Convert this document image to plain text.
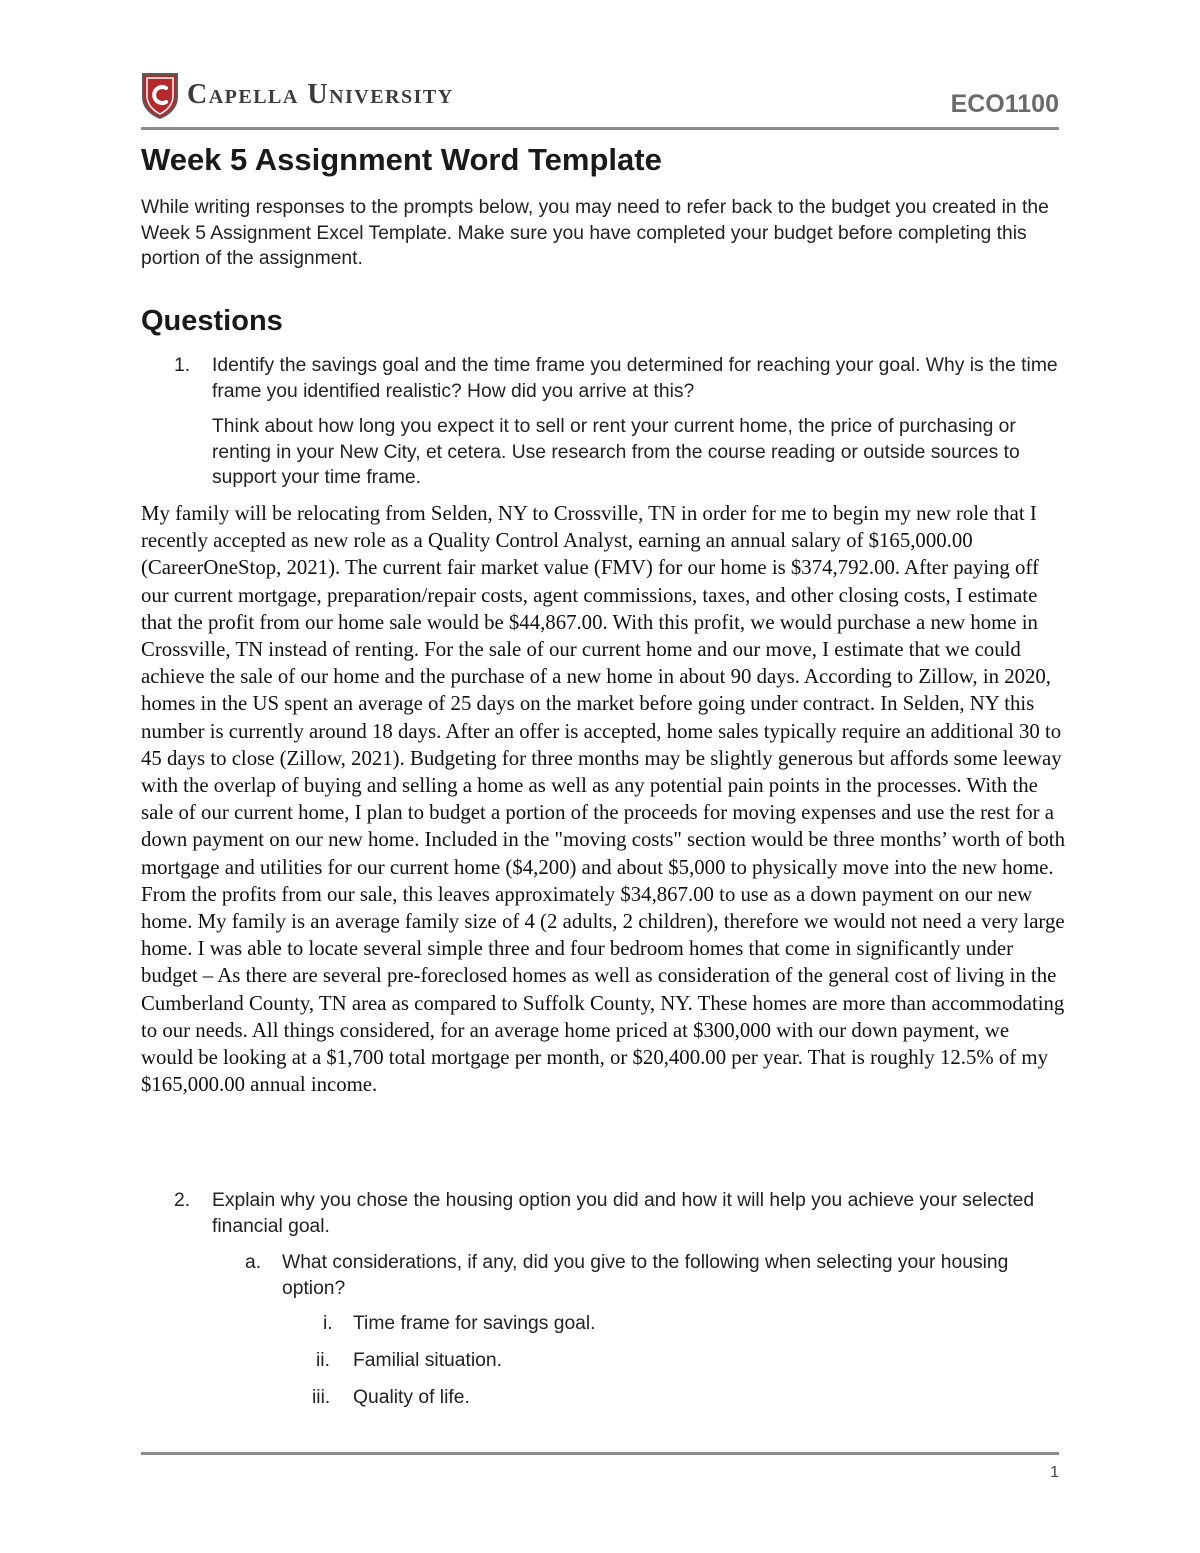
Capella University	ECO1100
Week 5 Assignment Word Template

While writing responses to the prompts below, you may need to refer back to the budget you created in the Week 5 Assignment Excel Template. Make sure you have completed your budget before completing this portion of the assignment.

Questions
1. Identify the savings goal and the time frame you determined for reaching your goal. Why is the time frame you identified realistic? How did you arrive at this?

Think about how long you expect it to sell or rent your current home, the price of purchasing or renting in your New City, et cetera. Use research from the course reading or outside sources to support your time frame.

My family will be relocating from Selden, NY to Crossville, TN in order for me to begin my new role that I recently accepted as new role as a Quality Control Analyst, earning an annual salary of $165,000.00 (CareerOneStop, 2021). The current fair market value (FMV) for our home is $374,792.00. After paying off our current mortgage, preparation/repair costs, agent commissions, taxes, and other closing costs, I estimate that the profit from our home sale would be $44,867.00. With this profit, we would purchase a new home in Crossville, TN instead of renting. For the sale of our current home and our move, I estimate that we could achieve the sale of our home and the purchase of a new home in about 90 days. According to Zillow, in 2020, homes in the US spent an average of 25 days on the market before going under contract. In Selden, NY this number is currently around 18 days. After an offer is accepted, home sales typically require an additional 30 to 45 days to close (Zillow, 2021). Budgeting for three months may be slightly generous but affords some leeway with the overlap of buying and selling a home as well as any potential pain points in the processes. With the sale of our current home, I plan to budget a portion of the proceeds for moving expenses and use the rest for a down payment on our new home. Included in the "moving costs" section would be three months’ worth of both mortgage and utilities for our current home ($4,200) and about $5,000 to physically move into the new home. From the profits from our sale, this leaves approximately $34,867.00 to use as a down payment on our new home. My family is an average family size of 4 (2 adults, 2 children), therefore we would not need a very large home. I was able to locate several simple three and four bedroom homes that come in significantly under budget – As there are several pre-foreclosed homes as well as consideration of the general cost of living in the Cumberland County, TN area as compared to Suffolk County, NY. These homes are more than accommodating to our needs. All things considered, for an average home priced at $300,000 with our down payment, we would be looking at a $1,700 total mortgage per month, or $20,400.00 per year. That is roughly 12.5% of my $165,000.00 annual income.

2. Explain why you chose the housing option you did and how it will help you achieve your selected financial goal.

a. What considerations, if any, did you give to the following when selecting your housing option?

i. Time frame for savings goal.
ii. Familial situation.
iii. Quality of life.
1
